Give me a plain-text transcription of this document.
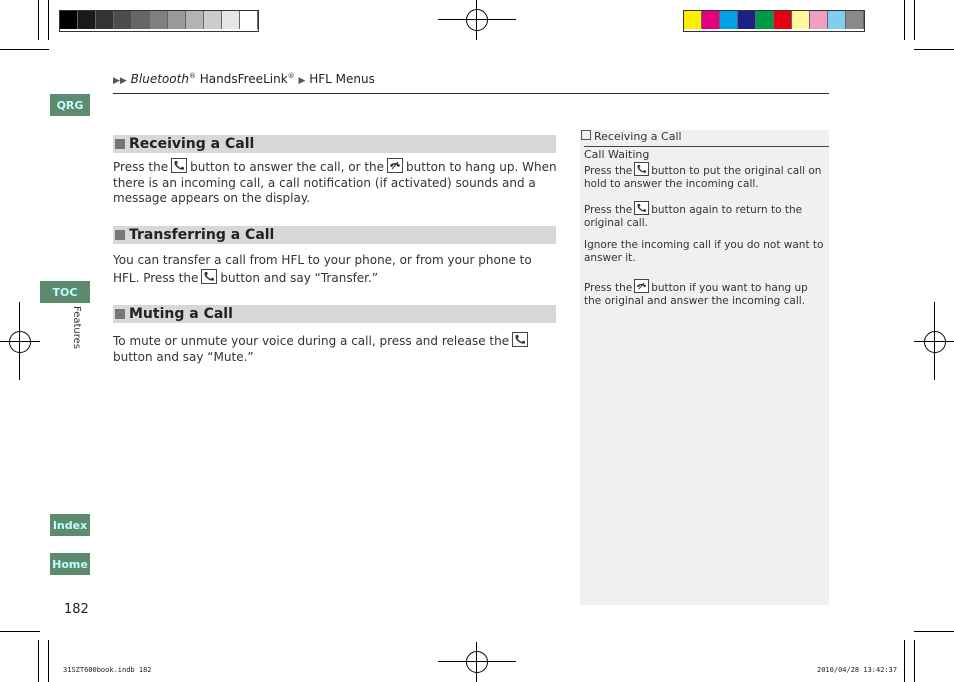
▶▶ Bluetooth® HandsFreeLink® ▶ HFL Menus
QRG
TOC
Index
Home
Features
Receiving a Call
Press the button to answer the call, or the button to hang up. When there is an incoming call, a call notification (if activated) sounds and a message appears on the display.
Transferring a Call
You can transfer a call from HFL to your phone, or from your phone to HFL. Press the button and say “Transfer.”
Muting a Call
To mute or unmute your voice during a call, press and release the
button and say “Mute.”
Receiving a Call
Call Waiting

Press the button to put the original call on hold to answer the incoming call.

Press the button again to return to the original call.

Ignore the incoming call if you do not want to answer it.

Press the button if you want to hang up the original and answer the incoming call.

182
31SZT600book.indb 182	2010/04/28 13:42:37
